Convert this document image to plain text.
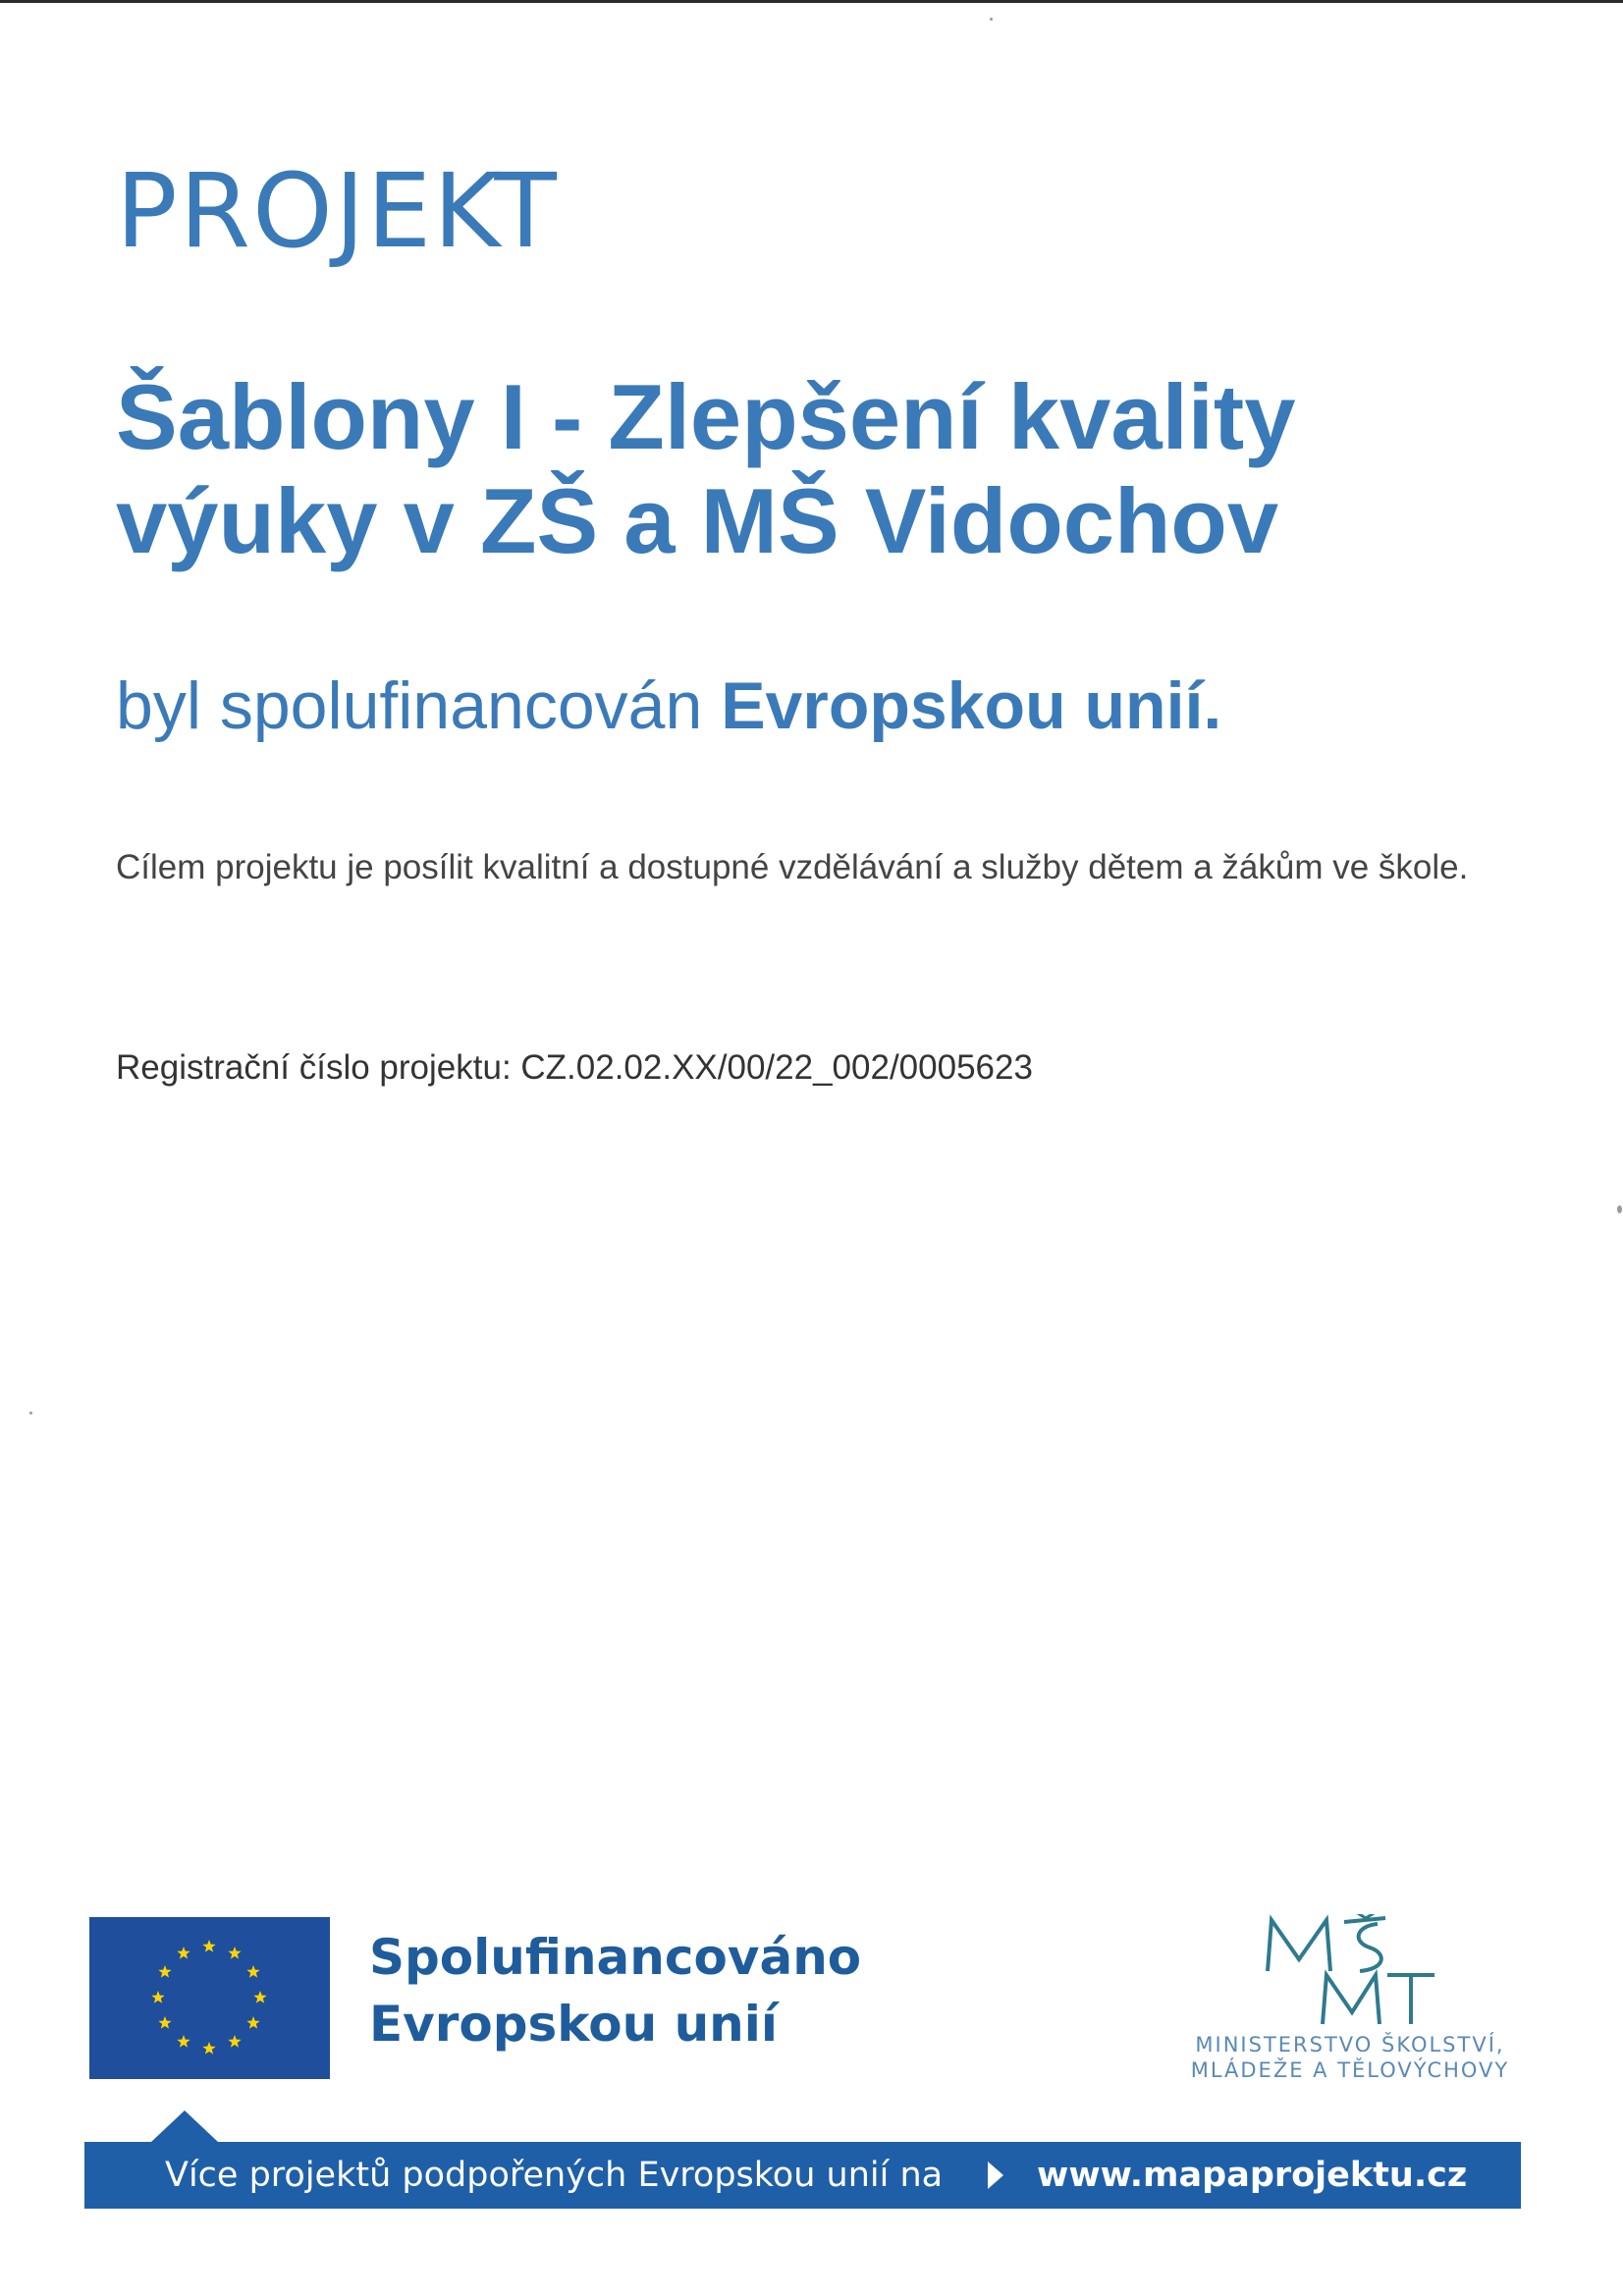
PROJEKT
Šablony I - Zlepšení kvality výuky v ZŠ a MŠ Vidochov

byl spolufinancován Evropskou unií.

Cílem projektu je posílit kvalitní a dostupné vzdělávání a služby dětem a žákům ve škole.

Registrační číslo projektu: CZ.02.02.XX/00/22_002/0005623

Spolufinancováno
Evropskou unií	MINISTERSTVO ŠKOLSTVÍ,
MLÁDEŽE A TĚLOVÝCHOVY
Více projektů podpořených Evropskou unií na	www.mapaprojektu.cz
